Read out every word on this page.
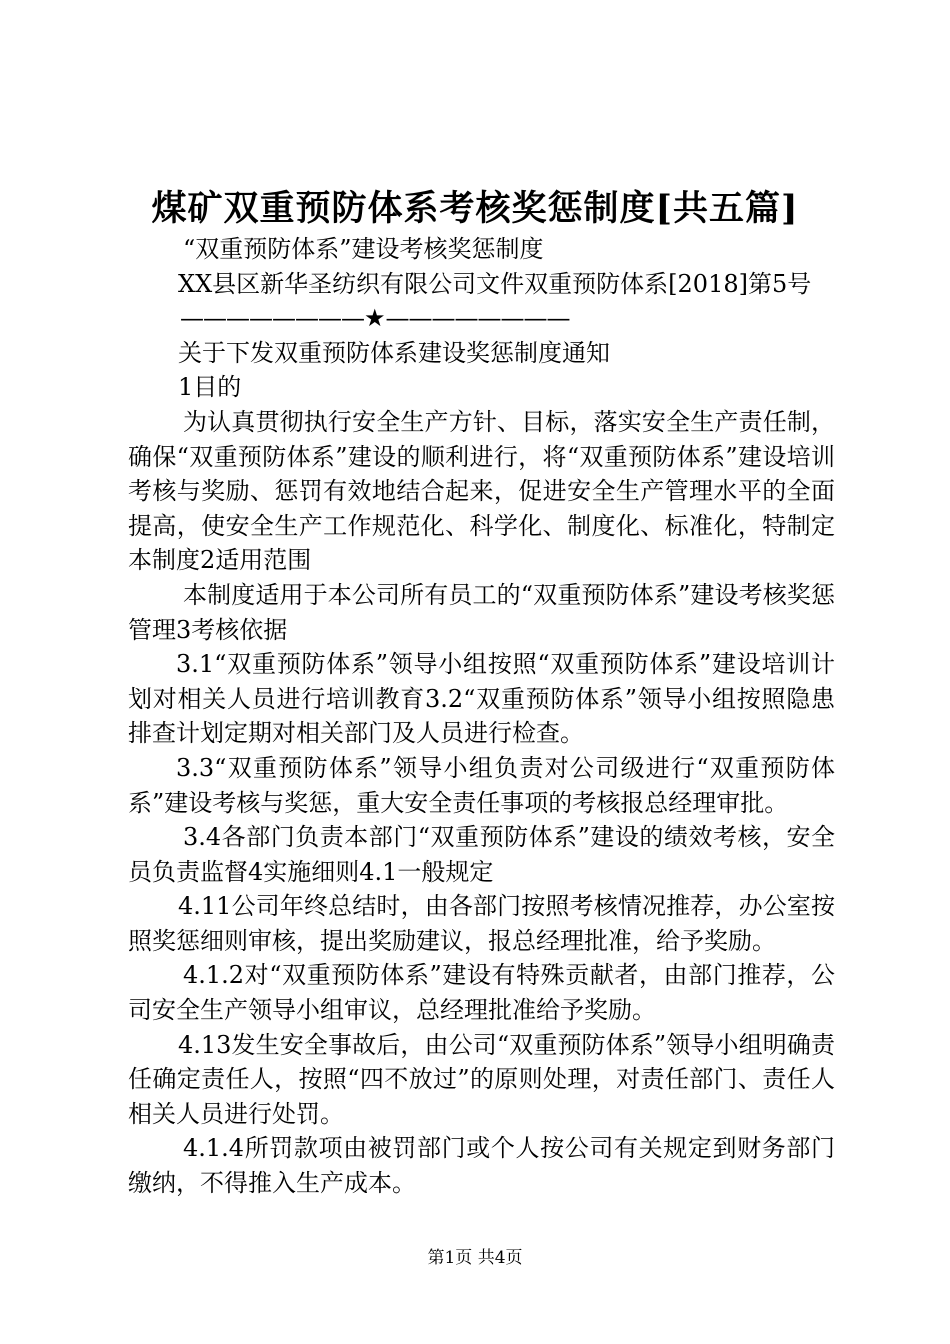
煤矿双重预防体系考核奖惩制度[共五篇]

“双重预防体系”建设考核奖惩制度

XX县区新华圣纺织有限公司文件双重预防体系[2018]第5号

————————★————————

关于下发双重预防体系建设奖惩制度通知

1目的

为认真贯彻执行安全生产方针、目标，落实安全生产责任制，确保“双重预防体系”建设的顺利进行，将“双重预防体系”建设培训考核与奖励、惩罚有效地结合起来，促进安全生产管理水平的全面提高，使安全生产工作规范化、科学化、制度化、标准化，特制定本制度2适用范围

本制度适用于本公司所有员工的“双重预防体系”建设考核奖惩管理3考核依据

3.1“双重预防体系”领导小组按照“双重预防体系”建设培训计划对相关人员进行培训教育3.2“双重预防体系”领导小组按照隐患排查计划定期对相关部门及人员进行检查。

3.3“双重预防体系”领导小组负责对公司级进行“双重预防体系”建设考核与奖惩，重大安全责任事项的考核报总经理审批。

3.4各部门负责本部门“双重预防体系”建设的绩效考核，安全员负责监督4实施细则4.1一般规定

4.11公司年终总结时，由各部门按照考核情况推荐，办公室按照奖惩细则审核，提出奖励建议，报总经理批准，给予奖励。

4.1.2对“双重预防体系”建设有特殊贡献者，由部门推荐，公司安全生产领导小组审议，总经理批准给予奖励。

4.13发生安全事故后，由公司“双重预防体系”领导小组明确责任确定责任人，按照“四不放过”的原则处理，对责任部门、责任人相关人员进行处罚。

4.1.4所罚款项由被罚部门或个人按公司有关规定到财务部门缴纳，不得推入生产成本。

第1页 共4页
